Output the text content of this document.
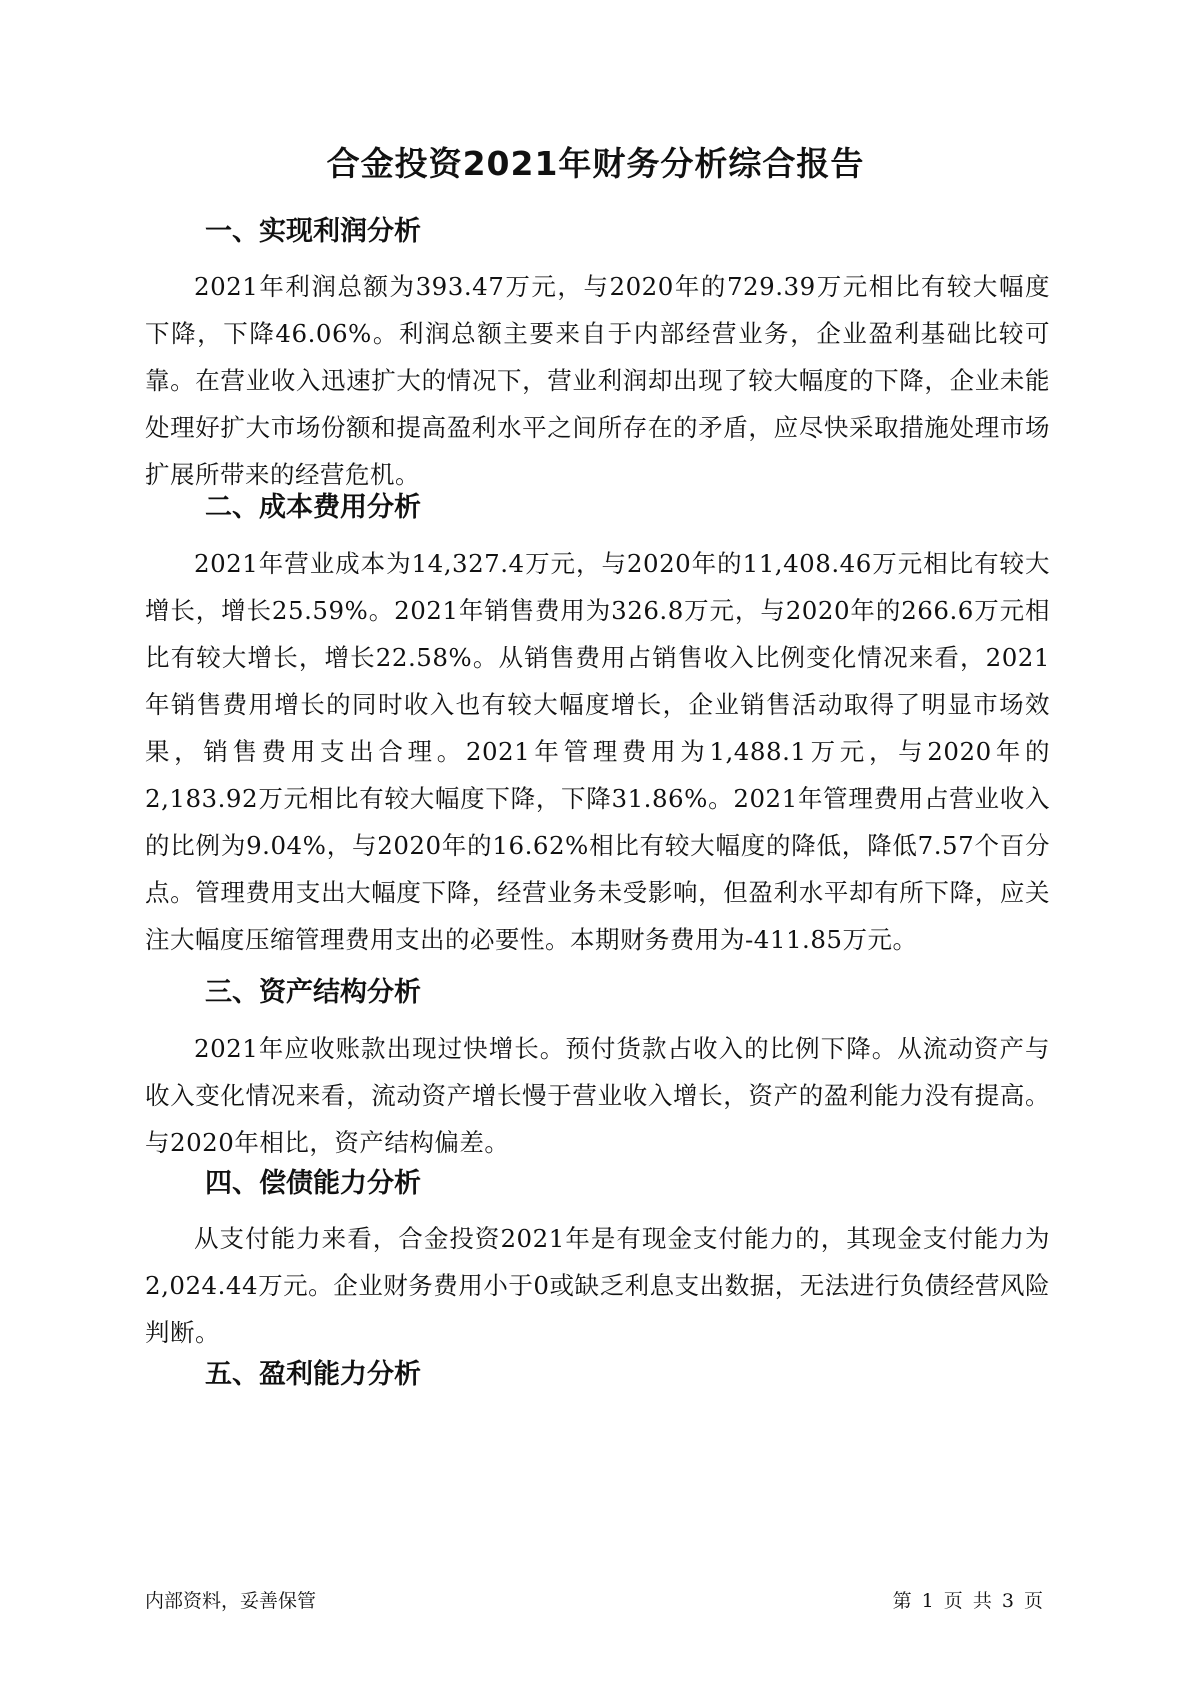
合金投资2021年财务分析综合报告
一、实现利润分析
2021年利润总额为393.47万元，与2020年的729.39万元相比有较大幅度下降，下降46.06%。利润总额主要来自于内部经营业务，企业盈利基础比较可靠。在营业收入迅速扩大的情况下，营业利润却出现了较大幅度的下降，企业未能处理好扩大市场份额和提高盈利水平之间所存在的矛盾，应尽快采取措施处理市场扩展所带来的经营危机。
二、成本费用分析
2021年营业成本为14,327.4万元，与2020年的11,408.46万元相比有较大增长，增长25.59%。2021年销售费用为326.8万元，与2020年的266.6万元相比有较大增长，增长22.58%。从销售费用占销售收入比例变化情况来看，2021年销售费用增长的同时收入也有较大幅度增长，企业销售活动取得了明显市场效果，销售费用支出合理。2021年管理费用为1,488.1万元，与2020年的2,183.92万元相比有较大幅度下降，下降31.86%。2021年管理费用占营业收入的比例为9.04%，与2020年的16.62%相比有较大幅度的降低，降低7.57个百分点。管理费用支出大幅度下降，经营业务未受影响，但盈利水平却有所下降，应关注大幅度压缩管理费用支出的必要性。本期财务费用为-411.85万元。
三、资产结构分析
2021年应收账款出现过快增长。预付货款占收入的比例下降。从流动资产与收入变化情况来看，流动资产增长慢于营业收入增长，资产的盈利能力没有提高。与2020年相比，资产结构偏差。
四、偿债能力分析
从支付能力来看，合金投资2021年是有现金支付能力的，其现金支付能力为2,024.44万元。企业财务费用小于0或缺乏利息支出数据，无法进行负债经营风险判断。
五、盈利能力分析
内部资料，妥善保管	第 1 页 共 3 页
